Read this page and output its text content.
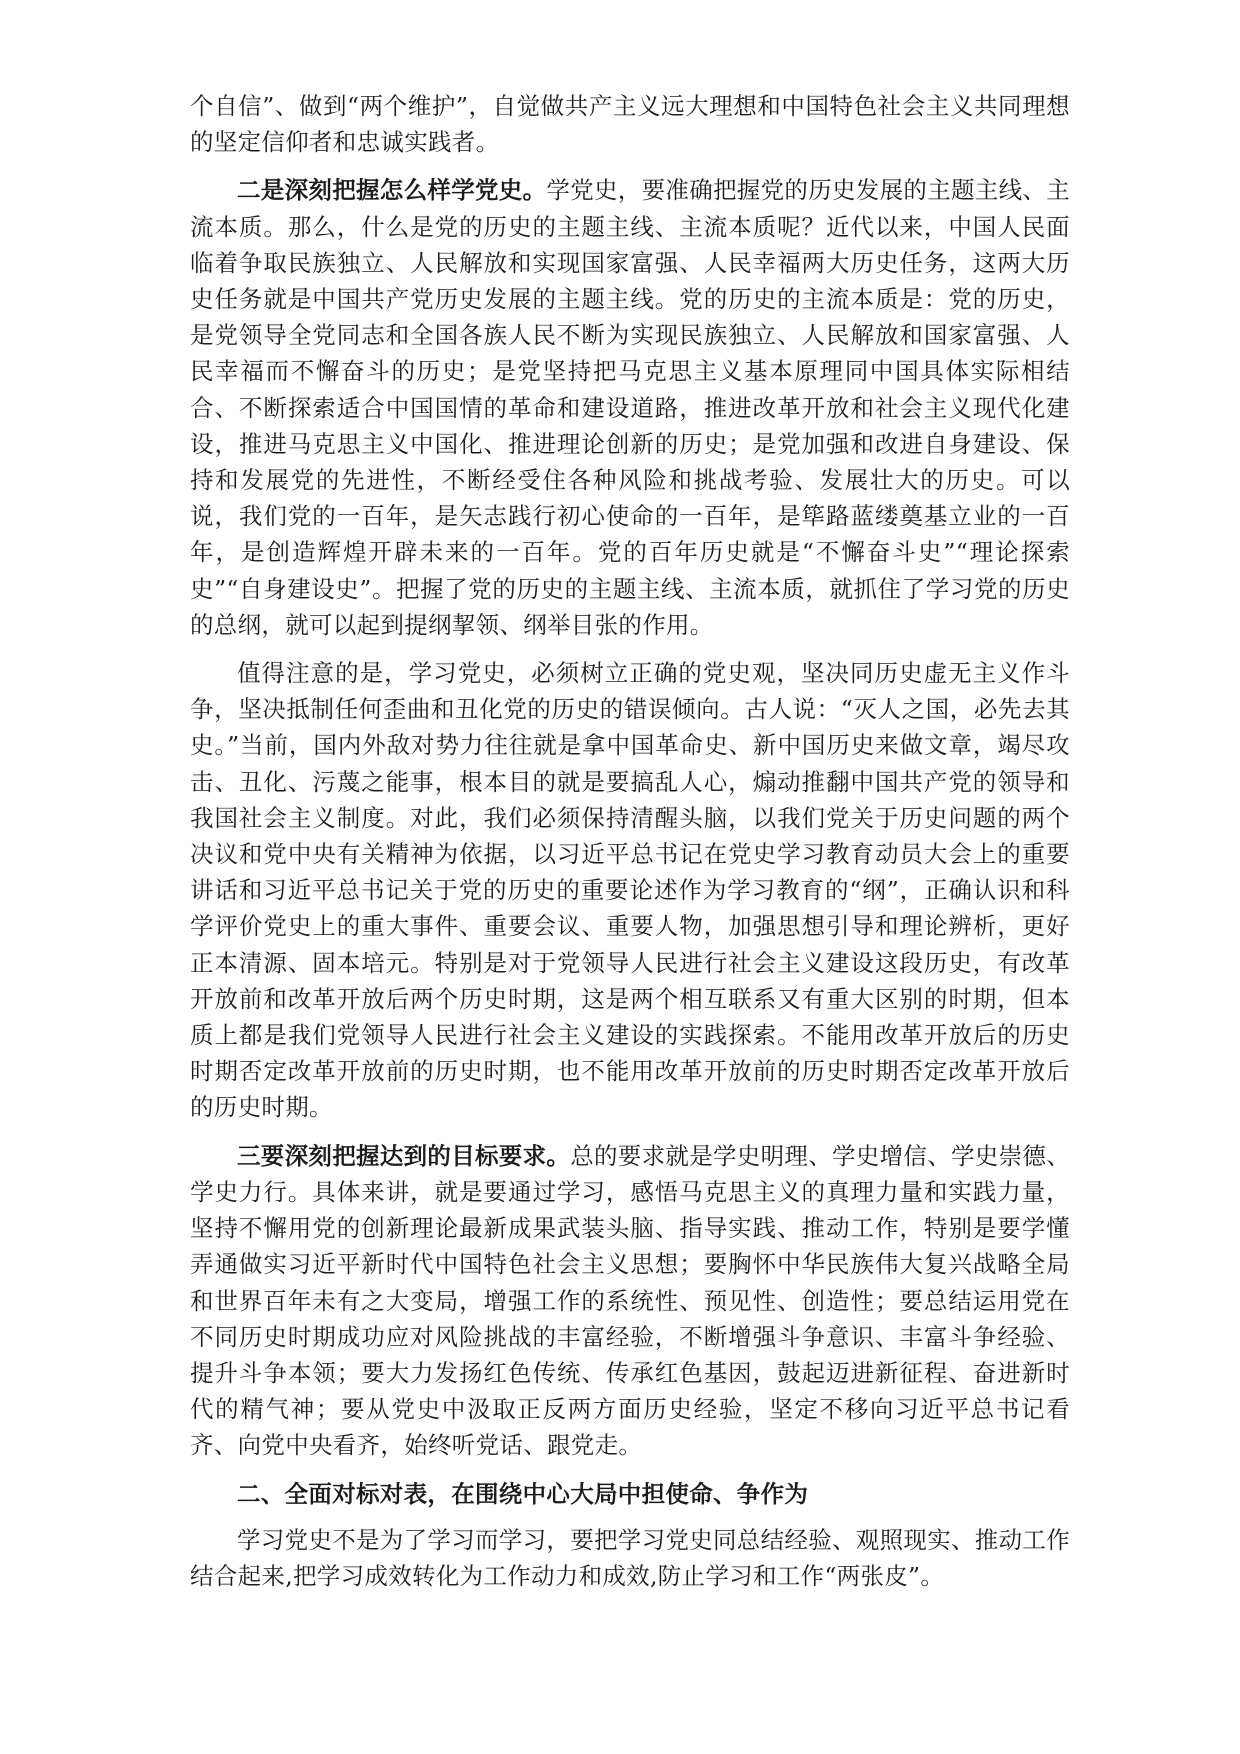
个自信”、做到“两个维护”，自觉做共产主义远大理想和中国特色社会主义共同理想的坚定信仰者和忠诚实践者。

二是深刻把握怎么样学党史。学党史，要准确把握党的历史发展的主题主线、主流本质。那么，什么是党的历史的主题主线、主流本质呢？近代以来，中国人民面临着争取民族独立、人民解放和实现国家富强、人民幸福两大历史任务，这两大历史任务就是中国共产党历史发展的主题主线。党的历史的主流本质是：党的历史，是党领导全党同志和全国各族人民不断为实现民族独立、人民解放和国家富强、人民幸福而不懈奋斗的历史；是党坚持把马克思主义基本原理同中国具体实际相结合、不断探索适合中国国情的革命和建设道路，推进改革开放和社会主义现代化建设，推进马克思主义中国化、推进理论创新的历史；是党加强和改进自身建设、保持和发展党的先进性，不断经受住各种风险和挑战考验、发展壮大的历史。可以说，我们党的一百年，是矢志践行初心使命的一百年，是筚路蓝缕奠基立业的一百年，是创造辉煌开辟未来的一百年。党的百年历史就是“不懈奋斗史”“理论探索史”“自身建设史”。把握了党的历史的主题主线、主流本质，就抓住了学习党的历史的总纲，就可以起到提纲挈领、纲举目张的作用。

值得注意的是，学习党史，必须树立正确的党史观，坚决同历史虚无主义作斗争，坚决抵制任何歪曲和丑化党的历史的错误倾向。古人说：“灭人之国，必先去其史。”当前，国内外敌对势力往往就是拿中国革命史、新中国历史来做文章，竭尽攻击、丑化、污蔑之能事，根本目的就是要搞乱人心，煽动推翻中国共产党的领导和我国社会主义制度。对此，我们必须保持清醒头脑，以我们党关于历史问题的两个决议和党中央有关精神为依据，以习近平总书记在党史学习教育动员大会上的重要讲话和习近平总书记关于党的历史的重要论述作为学习教育的“纲”，正确认识和科学评价党史上的重大事件、重要会议、重要人物，加强思想引导和理论辨析，更好正本清源、固本培元。特别是对于党领导人民进行社会主义建设这段历史，有改革开放前和改革开放后两个历史时期，这是两个相互联系又有重大区别的时期，但本质上都是我们党领导人民进行社会主义建设的实践探索。不能用改革开放后的历史时期否定改革开放前的历史时期，也不能用改革开放前的历史时期否定改革开放后的历史时期。

三要深刻把握达到的目标要求。总的要求就是学史明理、学史增信、学史崇德、学史力行。具体来讲，就是要通过学习，感悟马克思主义的真理力量和实践力量，坚持不懈用党的创新理论最新成果武装头脑、指导实践、推动工作，特别是要学懂弄通做实习近平新时代中国特色社会主义思想；要胸怀中华民族伟大复兴战略全局和世界百年未有之大变局，增强工作的系统性、预见性、创造性；要总结运用党在不同历史时期成功应对风险挑战的丰富经验，不断增强斗争意识、丰富斗争经验、提升斗争本领；要大力发扬红色传统、传承红色基因，鼓起迈进新征程、奋进新时代的精气神；要从党史中汲取正反两方面历史经验，坚定不移向习近平总书记看齐、向党中央看齐，始终听党话、跟党走。

二、全面对标对表，在围绕中心大局中担使命、争作为

学习党史不是为了学习而学习，要把学习党史同总结经验、观照现实、推动工作结合起来,把学习成效转化为工作动力和成效,防止学习和工作“两张皮”。
